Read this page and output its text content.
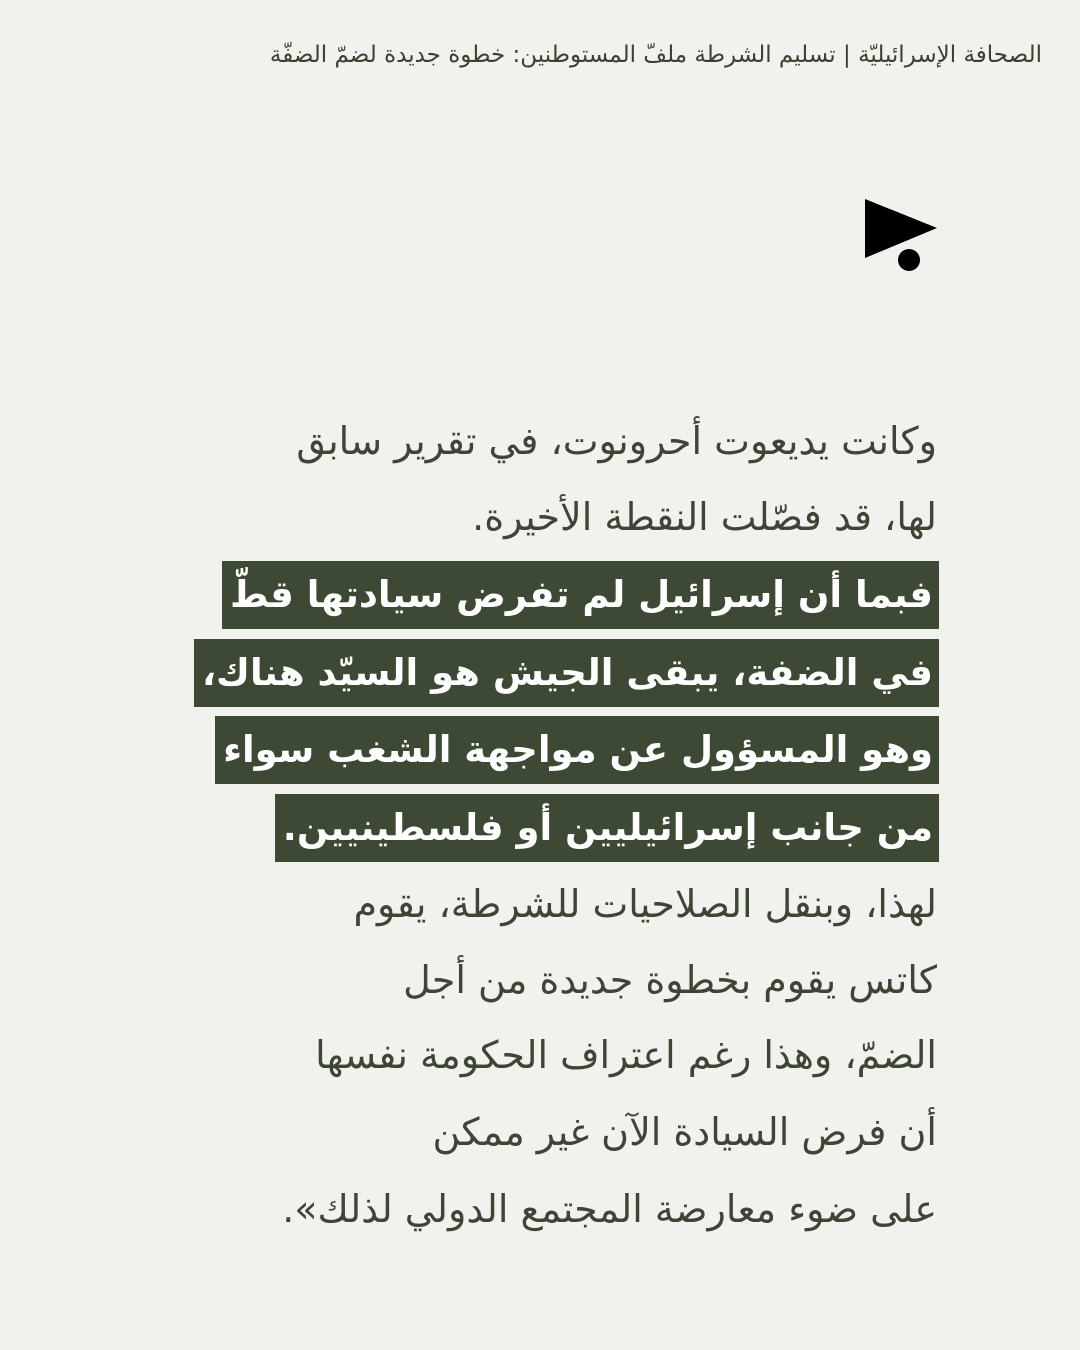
الصحافة الإسرائيليّة | تسليم الشرطة ملفّ المستوطنين: خطوة جديدة لضمّ الضفّة
وكانت يديعوت أحرونوت، في تقرير سابق
لها، قد فصّلت النقطة الأخيرة.
فبما أن إسرائيل لم تفرض سيادتها قطّ
في الضفة، يبقى الجيش هو السيّد هناك،
وهو المسؤول عن مواجهة الشغب سواء
من جانب إسرائيليين أو فلسطينيين.
لهذا، وبنقل الصلاحيات للشرطة، يقوم
كاتس يقوم بخطوة جديدة من أجل
الضمّ، وهذا رغم اعتراف الحكومة نفسها
أن فرض السيادة الآن غير ممكن
على ضوء معارضة المجتمع الدولي لذلك».
